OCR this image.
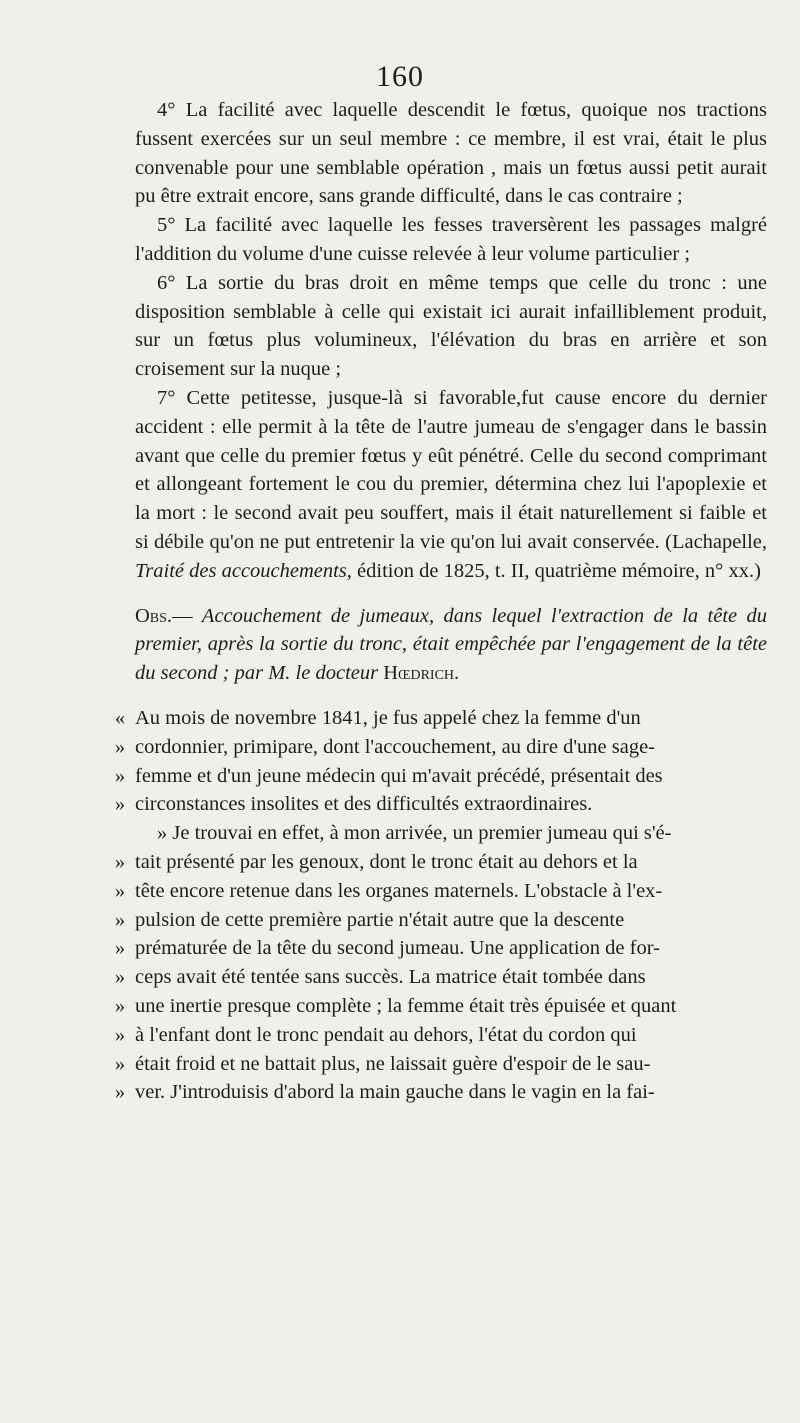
160

4° La facilité avec laquelle descendit le fœtus, quoique nos tractions fussent exercées sur un seul membre : ce membre, il est vrai, était le plus convenable pour une semblable opération , mais un fœtus aussi petit aurait pu être extrait encore, sans grande difficulté, dans le cas contraire ;

5° La facilité avec laquelle les fesses traversèrent les passages malgré l'addition du volume d'une cuisse relevée à leur volume particulier ;

6° La sortie du bras droit en même temps que celle du tronc : une disposition semblable à celle qui existait ici aurait infailliblement produit, sur un fœtus plus volumineux, l'élévation du bras en arrière et son croisement sur la nuque ;

7° Cette petitesse, jusque-là si favorable,fut cause encore du dernier accident : elle permit à la tête de l'autre jumeau de s'engager dans le bassin avant que celle du premier fœtus y eût pénétré. Celle du second comprimant et allongeant fortement le cou du premier, détermina chez lui l'apoplexie et la mort : le second avait peu souffert, mais il était naturellement si faible et si débile qu'on ne put entretenir la vie qu'on lui avait conservée. (Lachapelle, Traité des accouchements, édition de 1825, t. II, quatrième mémoire, n° xx.)

Obs.— Accouchement de jumeaux, dans lequel l'extraction de la tête du premier, après la sortie du tronc, était empêchée par l'engagement de la tête du second ; par M. le docteur Hœdrich.

« Au mois de novembre 1841, je fus appelé chez la femme d'un
» cordonnier, primipare, dont l'accouchement, au dire d'une sage-
» femme et d'un jeune médecin qui m'avait précédé, présentait des
» circonstances insolites et des difficultés extraordinaires.
» Je trouvai en effet, à mon arrivée, un premier jumeau qui s'é-
» tait présenté par les genoux, dont le tronc était au dehors et la
» tête encore retenue dans les organes maternels. L'obstacle à l'ex-
» pulsion de cette première partie n'était autre que la descente
» prématurée de la tête du second jumeau. Une application de for-
» ceps avait été tentée sans succès. La matrice était tombée dans
» une inertie presque complète ; la femme était très épuisée et quant
» à l'enfant dont le tronc pendait au dehors, l'état du cordon qui
» était froid et ne battait plus, ne laissait guère d'espoir de le sau-
» ver. J'introduisis d'abord la main gauche dans le vagin en la fai-
